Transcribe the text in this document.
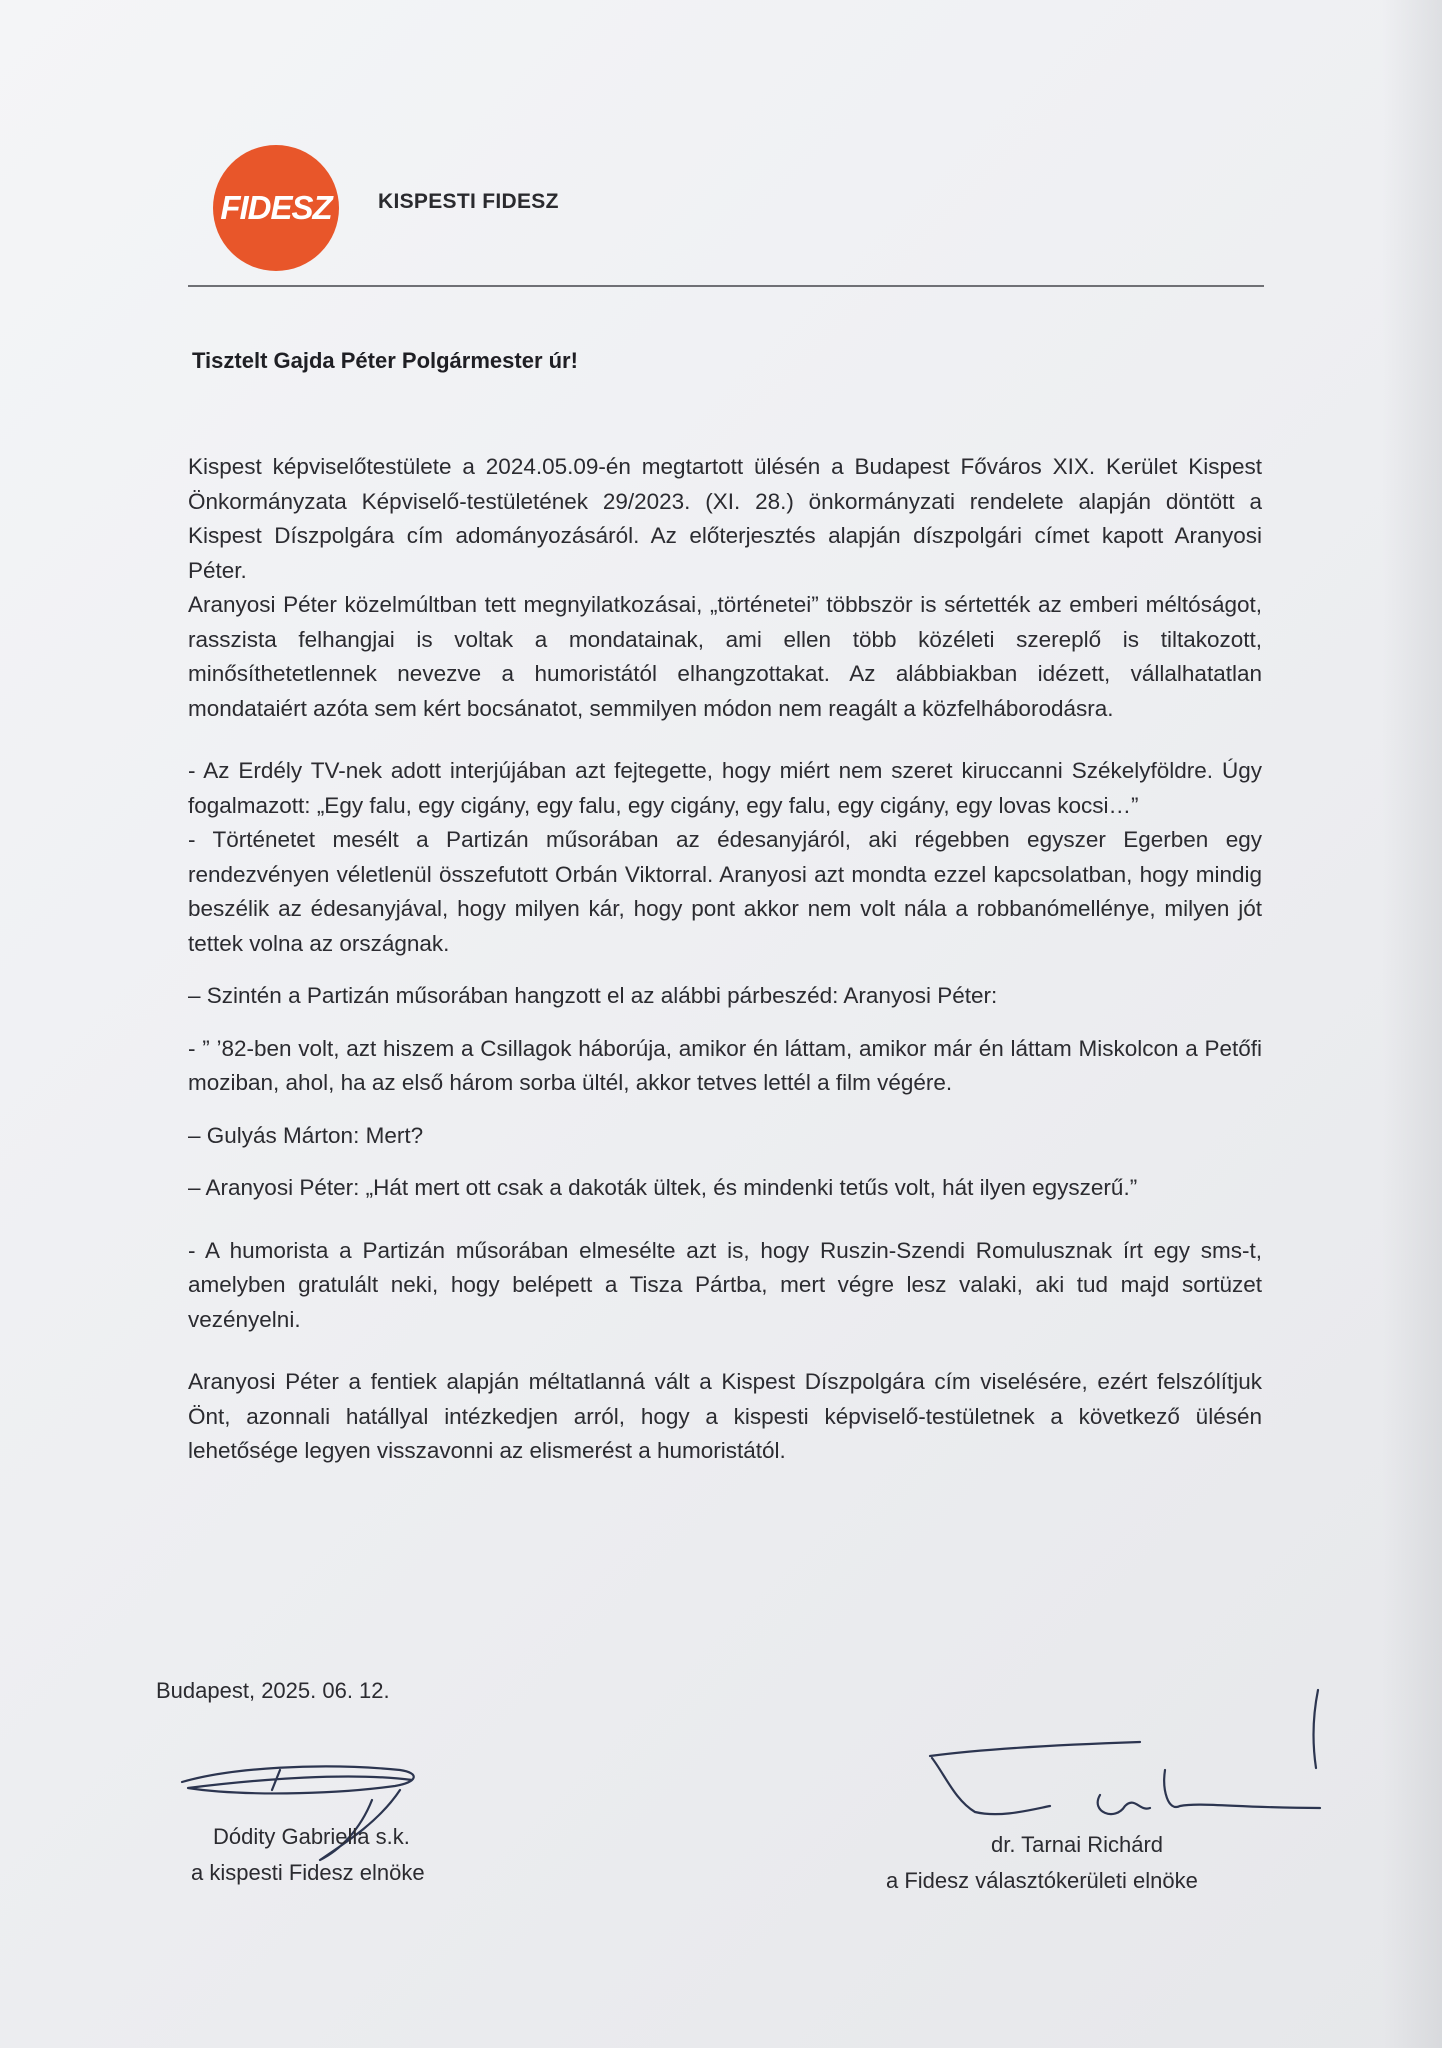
FIDESZ KISPESTI FIDESZ
Tisztelt Gajda Péter Polgármester úr!

Kispest képviselőtestülete a 2024.05.09-én megtartott ülésén a Budapest Főváros XIX. Kerület Kispest Önkormányzata Képviselő-testületének 29/2023. (XI. 28.) önkormányzati rendelete alapján döntött a Kispest Díszpolgára cím adományozásáról. Az előterjesztés alapján díszpolgári címet kapott Aranyosi Péter.

Aranyosi Péter közelmúltban tett megnyilatkozásai, „történetei” többször is sértették az emberi méltóságot, rasszista felhangjai is voltak a mondatainak, ami ellen több közéleti szereplő is tiltakozott, minősíthetetlennek nevezve a humoristától elhangzottakat. Az alábbiakban idézett, vállalhatatlan mondataiért azóta sem kért bocsánatot, semmilyen módon nem reagált a közfelháborodásra.

- Az Erdély TV-nek adott interjújában azt fejtegette, hogy miért nem szeret kiruccanni Székelyföldre. Úgy fogalmazott: „Egy falu, egy cigány, egy falu, egy cigány, egy falu, egy cigány, egy lovas kocsi…”

- Történetet mesélt a Partizán műsorában az édesanyjáról, aki régebben egyszer Egerben egy rendezvényen véletlenül összefutott Orbán Viktorral. Aranyosi azt mondta ezzel kapcsolatban, hogy mindig beszélik az édesanyjával, hogy milyen kár, hogy pont akkor nem volt nála a robbanómellénye, milyen jót tettek volna az országnak.

– Szintén a Partizán műsorában hangzott el az alábbi párbeszéd: Aranyosi Péter:

- ” ’82-ben volt, azt hiszem a Csillagok háborúja, amikor én láttam, amikor már én láttam Miskolcon a Petőfi moziban, ahol, ha az első három sorba ültél, akkor tetves lettél a film végére.

– Gulyás Márton: Mert?

– Aranyosi Péter: „Hát mert ott csak a dakoták ültek, és mindenki tetűs volt, hát ilyen egyszerű.”

- A humorista a Partizán műsorában elmesélte azt is, hogy Ruszin-Szendi Romulusznak írt egy sms-t, amelyben gratulált neki, hogy belépett a Tisza Pártba, mert végre lesz valaki, aki tud majd sortüzet vezényelni.

Aranyosi Péter a fentiek alapján méltatlanná vált a Kispest Díszpolgára cím viselésére, ezért felszólítjuk Önt, azonnali hatállyal intézkedjen arról, hogy a kispesti képviselő-testületnek a következő ülésén lehetősége legyen visszavonni az elismerést a humoristától.

Budapest, 2025. 06. 12.
Dódity Gabriella s.k.
a kispesti Fidesz elnöke
dr. Tarnai Richárd
a Fidesz választókerületi elnöke
